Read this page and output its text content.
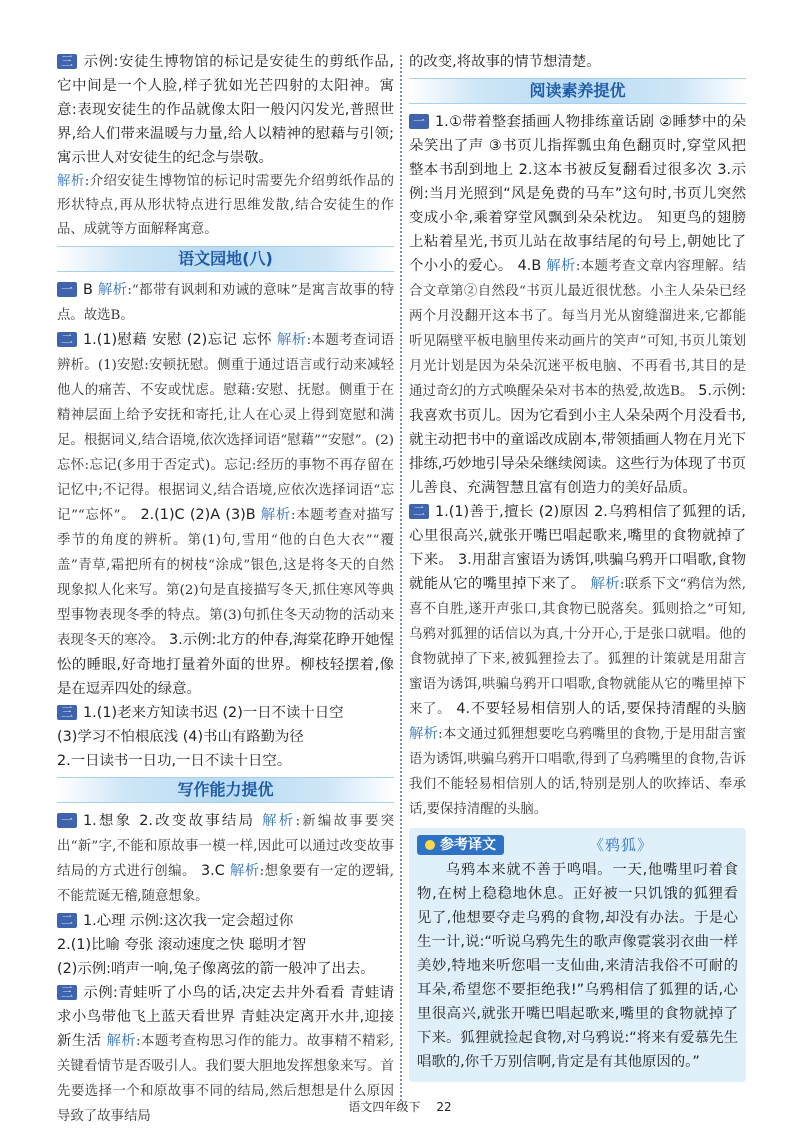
三 示例:安徒生博物馆的标记是安徒生的剪纸作品,它中间是一个人脸,样子犹如光芒四射的太阳神。寓意:表现安徒生的作品就像太阳一般闪闪发光,普照世界,给人们带来温暖与力量,给人以精神的慰藉与引领;寓示世人对安徒生的纪念与崇敬。

解析:介绍安徒生博物馆的标记时需要先介绍剪纸作品的形状特点,再从形状特点进行思维发散,结合安徒生的作品、成就等方面解释寓意。

语文园地(八)

一 B 解析:“都带有讽刺和劝诫的意味”是寓言故事的特点。故选B。

二 1.(1)慰藉 安慰 (2)忘记 忘怀 解析:本题考查词语辨析。(1)安慰:安顿抚慰。侧重于通过语言或行动来减轻他人的痛苦、不安或忧虑。慰藉:安慰、抚慰。侧重于在精神层面上给予安抚和寄托,让人在心灵上得到宽慰和满足。根据词义,结合语境,依次选择词语“慰藉”“安慰”。(2)忘怀:忘记(多用于否定式)。忘记:经历的事物不再存留在记忆中;不记得。根据词义,结合语境,应依次选择词语“忘记”“忘怀”。 2.(1)C (2)A (3)B 解析:本题考查对描写季节的角度的辨析。第(1)句,雪用“他的白色大衣”“覆盖”青草,霜把所有的树枝“涂成”银色,这是将冬天的自然现象拟人化来写。第(2)句是直接描写冬天,抓住寒风等典型事物表现冬季的特点。第(3)句抓住冬天动物的活动来表现冬天的寒冷。 3.示例:北方的仲春,海棠花睁开她惺忪的睡眼,好奇地打量着外面的世界。柳枝轻摆着,像是在逗弄四处的绿意。

三 1.(1)老来方知读书迟 (2)一日不读十日空

(3)学习不怕根底浅 (4)书山有路勤为径

2.一日读书一日功,一日不读十日空。

写作能力提优

一 1.想象 2.改变故事结局 解析:新编故事要突出“新”字,不能和原故事一模一样,因此可以通过改变故事结局的方式进行创编。 3.C 解析:想象要有一定的逻辑,不能荒诞无稽,随意想象。

二 1.心理 示例:这次我一定会超过你

2.(1)比喻 夸张 滚动速度之快 聪明才智

(2)示例:哨声一响,兔子像离弦的箭一般冲了出去。

三 示例:青蛙听了小鸟的话,决定去井外看看 青蛙请求小鸟带他飞上蓝天看世界 青蛙决定离开水井,迎接新生活 解析:本题考查构思习作的能力。故事精不精彩,关键看情节是否吸引人。我们要大胆地发挥想象来写。首先要选择一个和原故事不同的结局,然后想想是什么原因导致了故事结局

的改变,将故事的情节想清楚。

阅读素养提优

一 1.①带着整套插画人物排练童话剧 ②睡梦中的朵朵笑出了声 ③书页儿指挥瓢虫角色翻页时,穿堂风把整本书刮到地上 2.这本书被反复翻看过很多次 3.示例:当月光照到“风是免费的马车”这句时,书页儿突然变成小伞,乘着穿堂风飘到朵朵枕边。 知更鸟的翅膀上粘着星光,书页儿站在故事结尾的句号上,朝她比了个小小的爱心。 4.B 解析:本题考查文章内容理解。结合文章第②自然段“书页儿最近很忧愁。小主人朵朵已经两个月没翻开这本书了。每当月光从窗缝溜进来,它都能听见隔壁平板电脑里传来动画片的笑声”可知,书页儿策划月光计划是因为朵朵沉迷平板电脑、不再看书,其目的是通过奇幻的方式唤醒朵朵对书本的热爱,故选B。 5.示例:我喜欢书页儿。因为它看到小主人朵朵两个月没看书,就主动把书中的童谣改成剧本,带领插画人物在月光下排练,巧妙地引导朵朵继续阅读。这些行为体现了书页儿善良、充满智慧且富有创造力的美好品质。

二 1.(1)善于,擅长 (2)原因 2.乌鸦相信了狐狸的话,心里很高兴,就张开嘴巴唱起歌来,嘴里的食物就掉了下来。 3.用甜言蜜语为诱饵,哄骗乌鸦开口唱歌,食物就能从它的嘴里掉下来了。 解析:联系下文“鸦信为然,喜不自胜,遂开声张口,其食物已脱落矣。狐则拾之”可知,乌鸦对狐狸的话信以为真,十分开心,于是张口就唱。他的食物就掉了下来,被狐狸捡去了。狐狸的计策就是用甜言蜜语为诱饵,哄骗乌鸦开口唱歌,食物就能从它的嘴里掉下来了。 4.不要轻易相信别人的话,要保持清醒的头脑 解析:本文通过狐狸想要吃乌鸦嘴里的食物,于是用甜言蜜语为诱饵,哄骗乌鸦开口唱歌,得到了乌鸦嘴里的食物,告诉我们不能轻易相信别人的话,特别是别人的吹捧话、奉承话,要保持清醒的头脑。

参考译文	《鸦狐》

乌鸦本来就不善于鸣唱。一天,他嘴里叼着食物,在树上稳稳地休息。正好被一只饥饿的狐狸看见了,他想要夺走乌鸦的食物,却没有办法。于是心生一计,说:“听说乌鸦先生的歌声像霓裳羽衣曲一样美妙,特地来听您唱一支仙曲,来清洁我俗不可耐的耳朵,希望您不要拒绝我!”乌鸦相信了狐狸的话,心里很高兴,就张开嘴巴唱起歌来,嘴里的食物就掉了下来。狐狸就捡起食物,对乌鸦说:“将来有爱慕先生唱歌的,你千万别信啊,肯定是有其他原因的。”

语文四年级下 22
